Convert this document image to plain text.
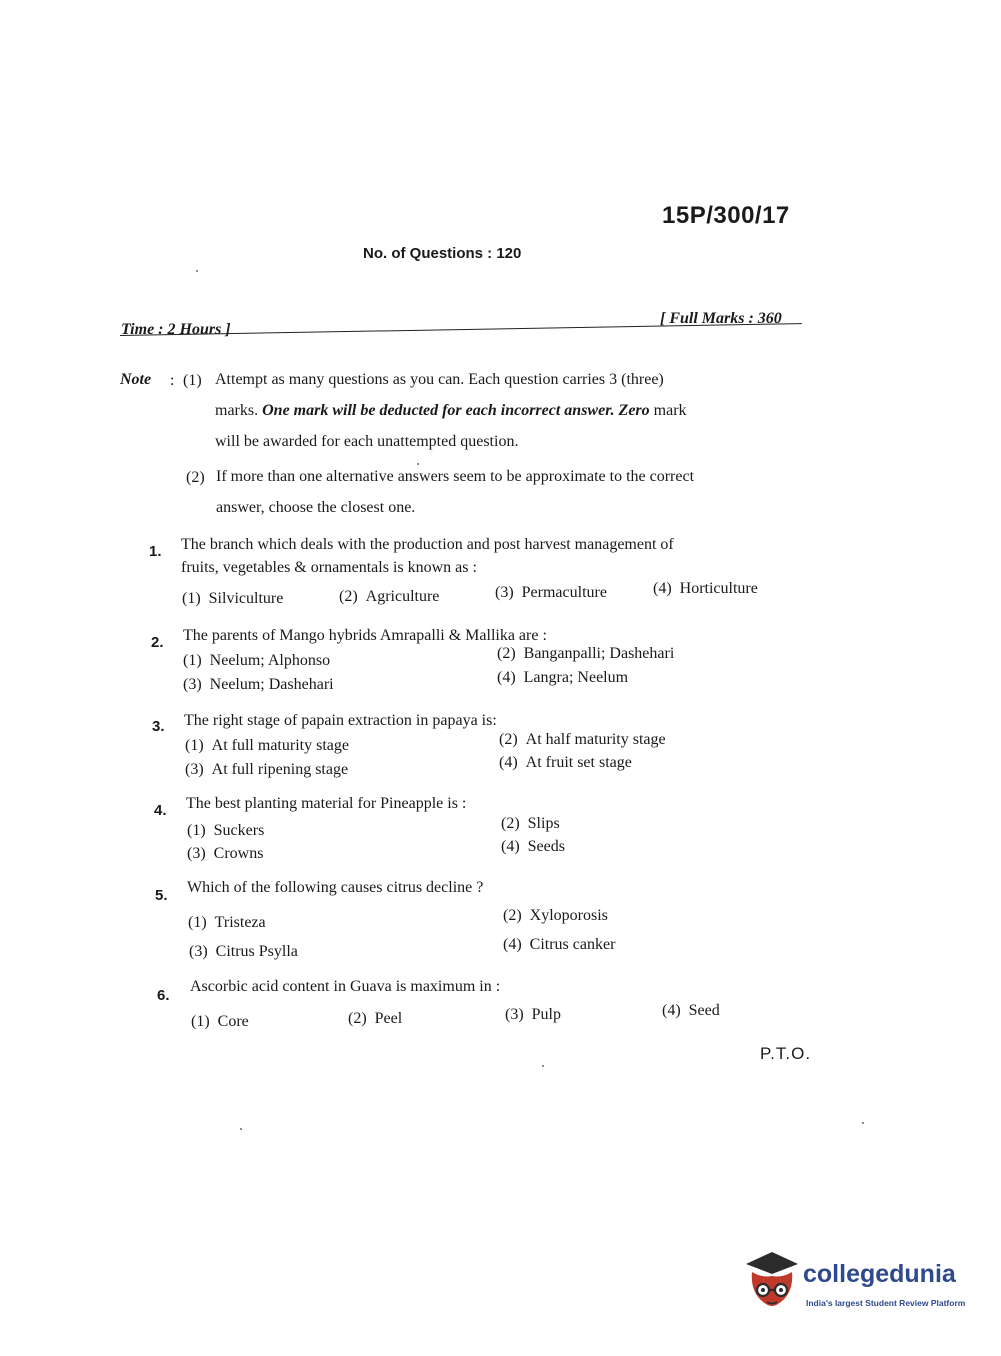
15P/300/17
No. of Questions : 120
Time : 2 Hours ]
[ Full Marks : 360
Note : (1) Attempt as many questions as you can. Each question carries 3 (three)
marks. One mark will be deducted for each incorrect answer. Zero mark
will be awarded for each unattempted question.
(2) If more than one alternative answers seem to be approximate to the correct
answer, choose the closest one.
1. The branch which deals with the production and post harvest management of
fruits, vegetables & ornamentals is known as :
(1) Silviculture	(2) Agriculture	(3) Permaculture	(4) Horticulture
2. The parents of Mango hybrids Amrapalli & Mallika are :
(1) Neelum; Alphonso	(2) Banganpalli; Dashehari
(3) Neelum; Dashehari	(4) Langra; Neelum
3. The right stage of papain extraction in papaya is:
(1) At full maturity stage	(2) At half maturity stage
(3) At full ripening stage	(4) At fruit set stage
4. The best planting material for Pineapple is :
(1) Suckers	(2) Slips
(3) Crowns	(4) Seeds
5. Which of the following causes citrus decline ?
(1) Tristeza	(2) Xyloporosis
(3) Citrus Psylla	(4) Citrus canker
6.
Ascorbic acid content in Guava is maximum in :
(1) Core	(2) Peel	(3) Pulp	(4) Seed
P.T.O.
collegedunia
India's largest Student Review Platform
